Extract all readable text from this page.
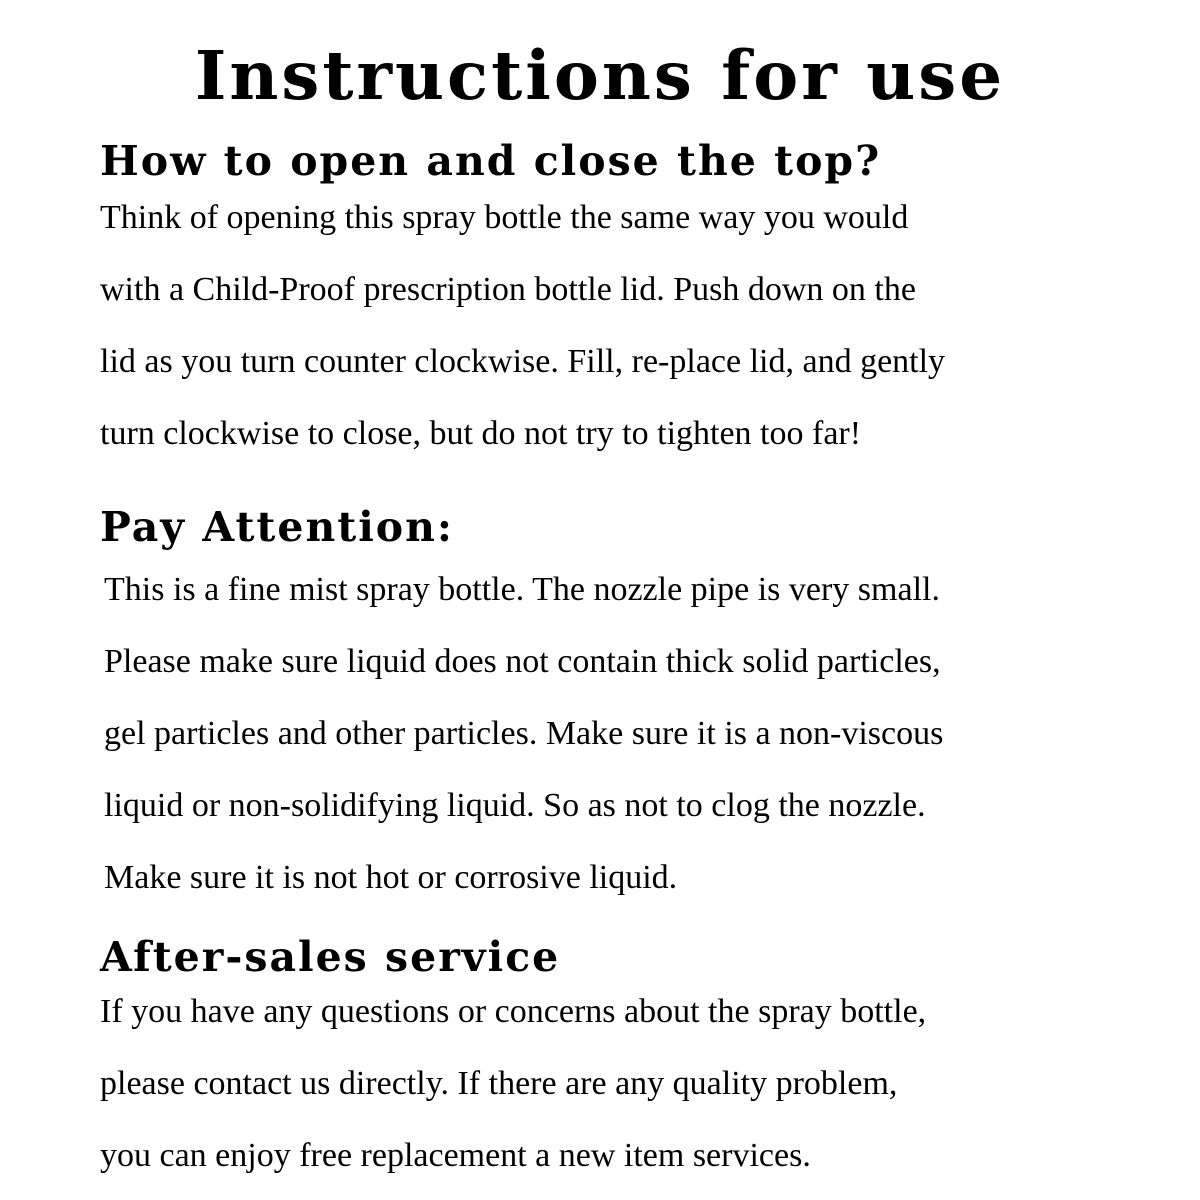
Instructions for use
How to open and close the top?

Think of opening this spray bottle the same way you would

with a Child-Proof prescription bottle lid. Push down on the

lid as you turn counter clockwise. Fill, re-place lid, and gently

turn clockwise to close, but do not try to tighten too far!

Pay Attention:

This is a fine mist spray bottle. The nozzle pipe is very small.

Please make sure liquid does not contain thick solid particles,

gel particles and other particles. Make sure it is a non-viscous

liquid or non-solidifying liquid. So as not to clog the nozzle.

Make sure it is not hot or corrosive liquid.

After-sales service

If you have any questions or concerns about the spray bottle,

please contact us directly. If there are any quality problem,

you can enjoy free replacement a new item services.
